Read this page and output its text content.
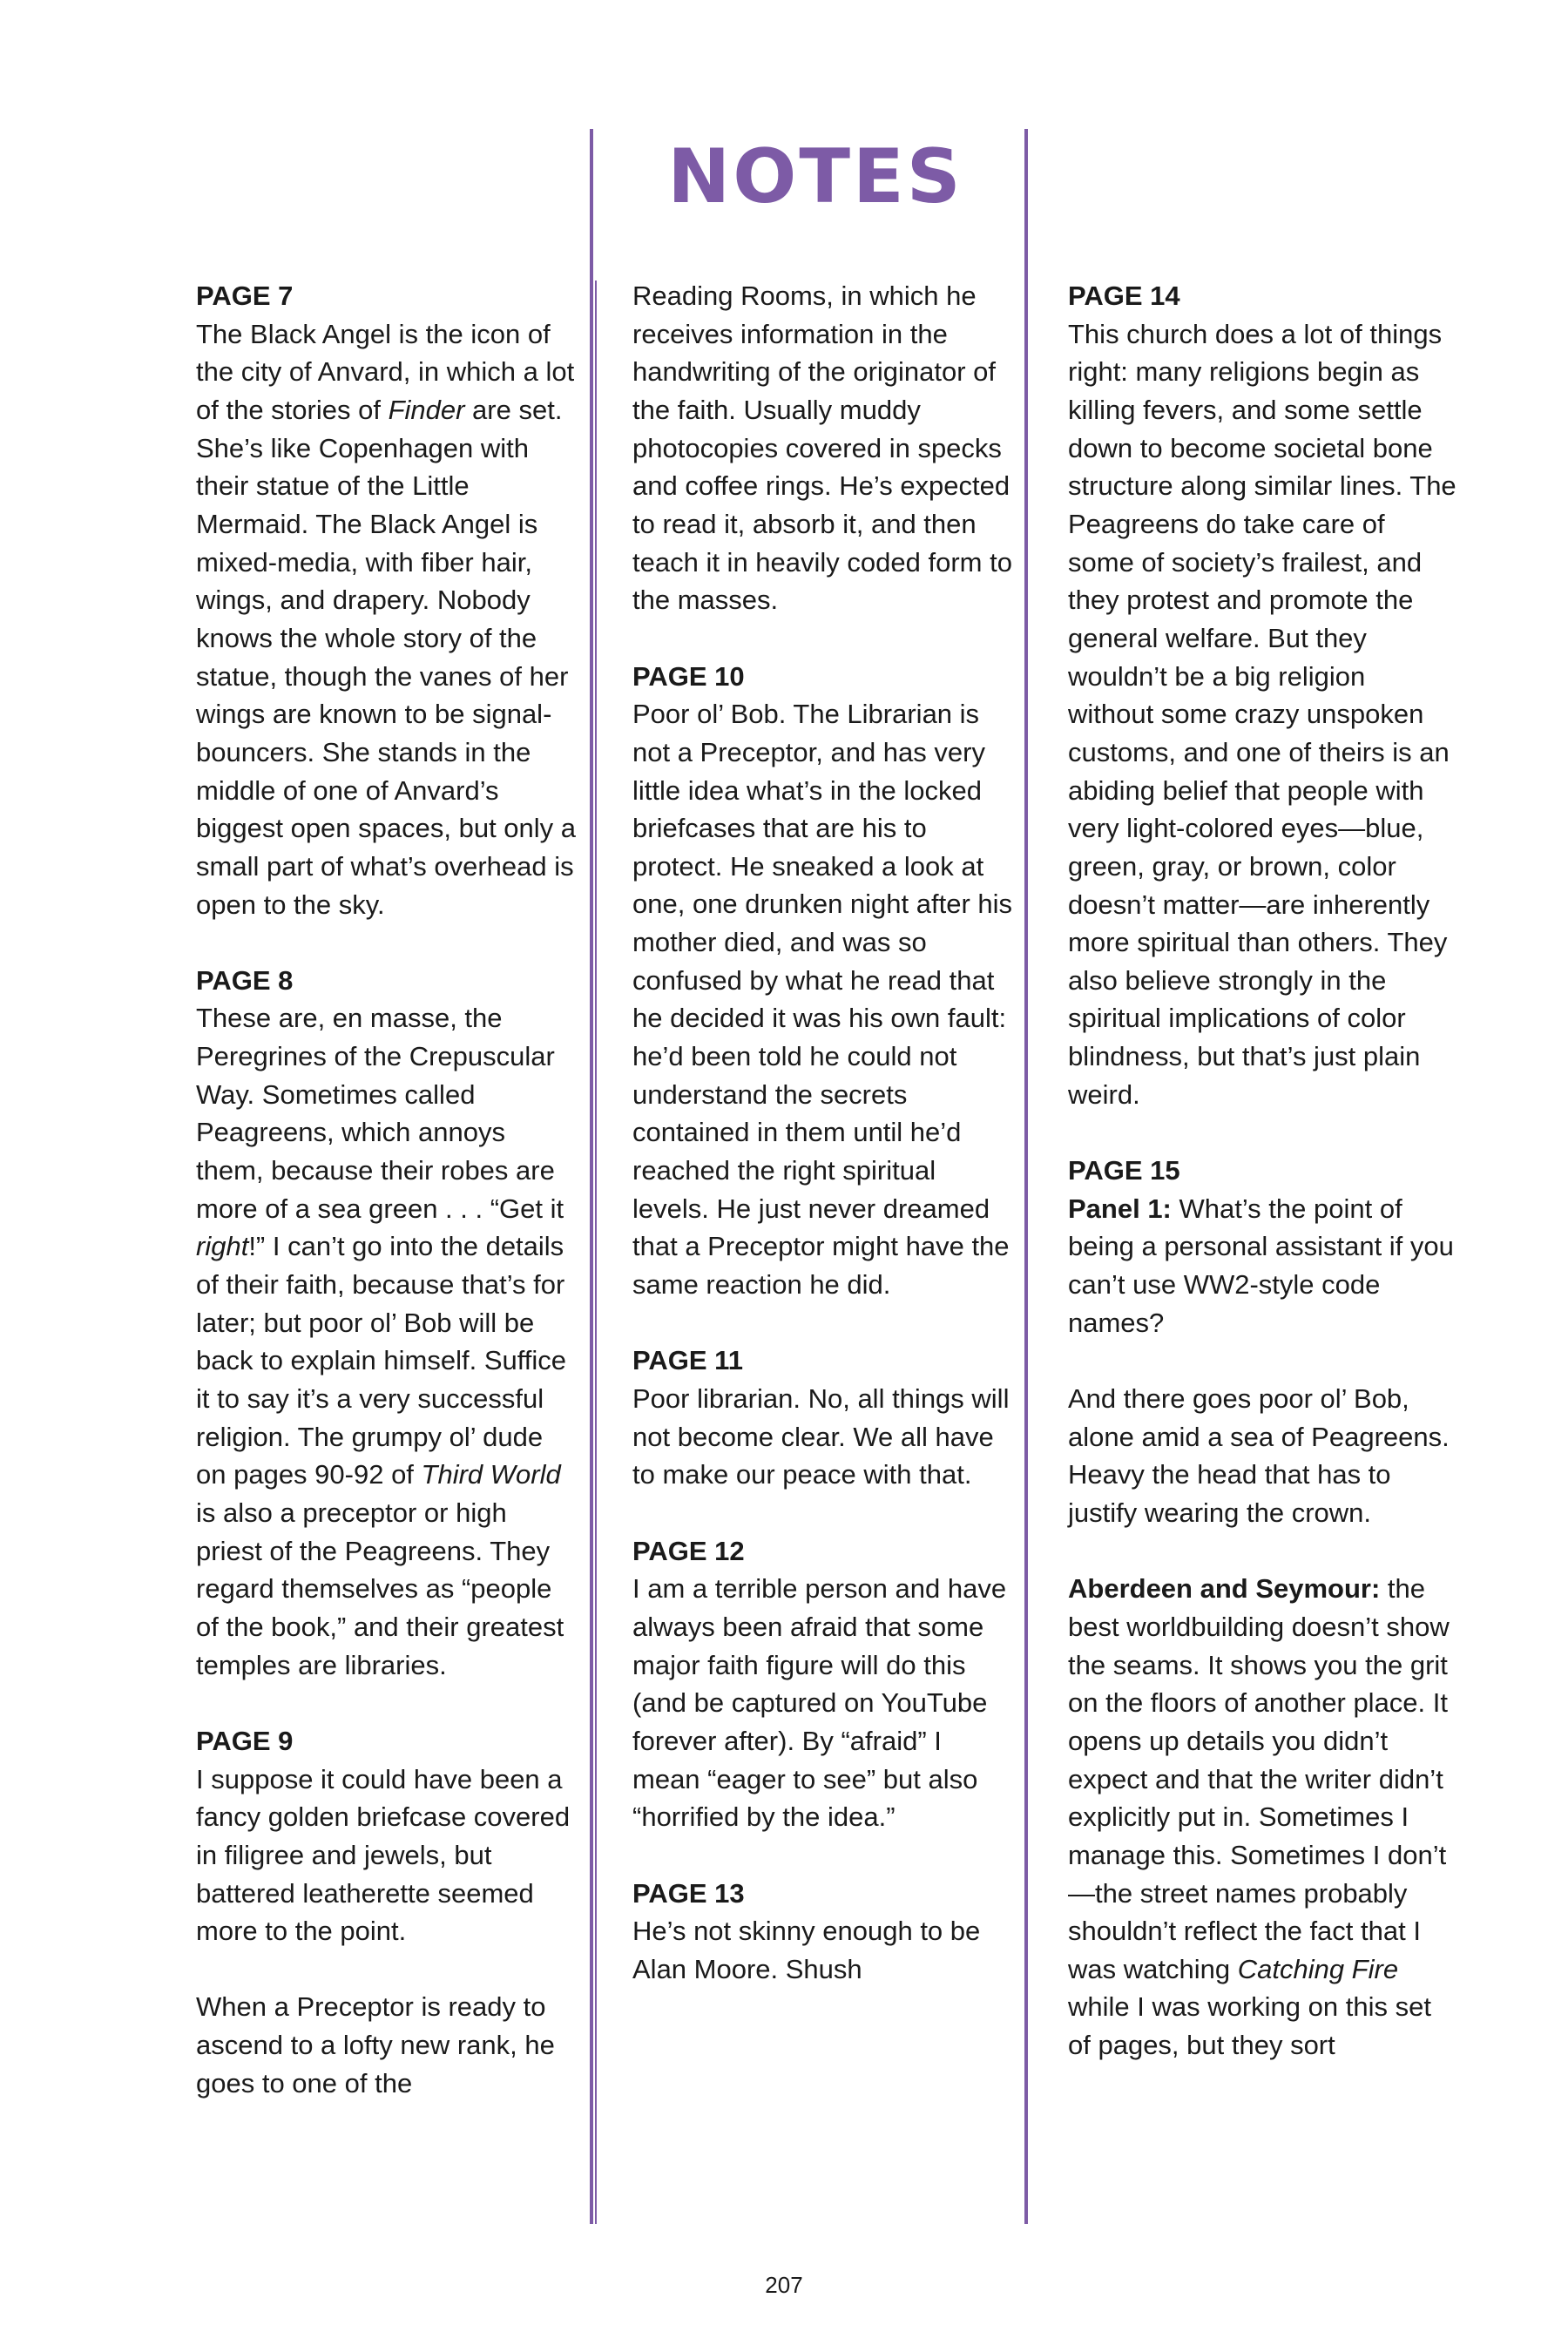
NOTES
PAGE 7

The Black Angel is the icon of the city of Anvard, in which a lot of the stories of Finder are set. She’s like Copenhagen with their statue of the Little Mermaid. The Black Angel is mixed-media, with fiber hair, wings, and drapery. Nobody knows the whole story of the statue, though the vanes of her wings are known to be signal-bouncers. She stands in the middle of one of Anvard’s biggest open spaces, but only a small part of what’s overhead is open to the sky.

PAGE 8

These are, en masse, the Peregrines of the Crepuscular Way. Sometimes called Peagreens, which annoys them, because their robes are more of a sea green . . . “Get it right!” I can’t go into the details of their faith, because that’s for later; but poor ol’ Bob will be back to explain himself. Suffice it to say it’s a very successful religion. The grumpy ol’ dude on pages 90-92 of Third World is also a preceptor or high priest of the Peagreens. They regard themselves as “people of the book,” and their greatest temples are libraries.

PAGE 9

I suppose it could have been a fancy golden briefcase covered in filigree and jewels, but battered leatherette seemed more to the point.

When a Preceptor is ready to ascend to a lofty new rank, he goes to one of the

Reading Rooms, in which he receives information in the handwriting of the originator of the faith. Usually muddy photocopies covered in specks and coffee rings. He’s expected to read it, absorb it, and then teach it in heavily coded form to the masses.

PAGE 10

Poor ol’ Bob. The Librarian is not a Preceptor, and has very little idea what’s in the locked briefcases that are his to protect. He sneaked a look at one, one drunken night after his mother died, and was so confused by what he read that he decided it was his own fault: he’d been told he could not understand the secrets contained in them until he’d reached the right spiritual levels. He just never dreamed that a Preceptor might have the same reaction he did.

PAGE 11

Poor librarian. No, all things will not become clear. We all have to make our peace with that.

PAGE 12

I am a terrible person and have always been afraid that some major faith figure will do this (and be captured on YouTube forever after). By “afraid” I mean “eager to see” but also “horrified by the idea.”

PAGE 13

He’s not skinny enough to be Alan Moore. Shush

PAGE 14

This church does a lot of things right: many religions begin as killing fevers, and some settle down to become societal bone structure along similar lines. The Peagreens do take care of some of society’s frailest, and they protest and promote the general welfare. But they wouldn’t be a big religion without some crazy unspoken customs, and one of theirs is an abiding belief that people with very light-colored eyes—blue, green, gray, or brown, color doesn’t matter—are inherently more spiritual than others. They also believe strongly in the spiritual implications of color blindness, but that’s just plain weird.

PAGE 15

Panel 1: What’s the point of being a personal assistant if you can’t use WW2-style code names?

And there goes poor ol’ Bob, alone amid a sea of Peagreens. Heavy the head that has to justify wearing the crown.

Aberdeen and Seymour: the best worldbuilding doesn’t show the seams. It shows you the grit on the floors of another place. It opens up details you didn’t expect and that the writer didn’t explicitly put in. Sometimes I manage this. Sometimes I don’t—the street names probably shouldn’t reflect the fact that I was watching Catching Fire while I was working on this set of pages, but they sort

207
